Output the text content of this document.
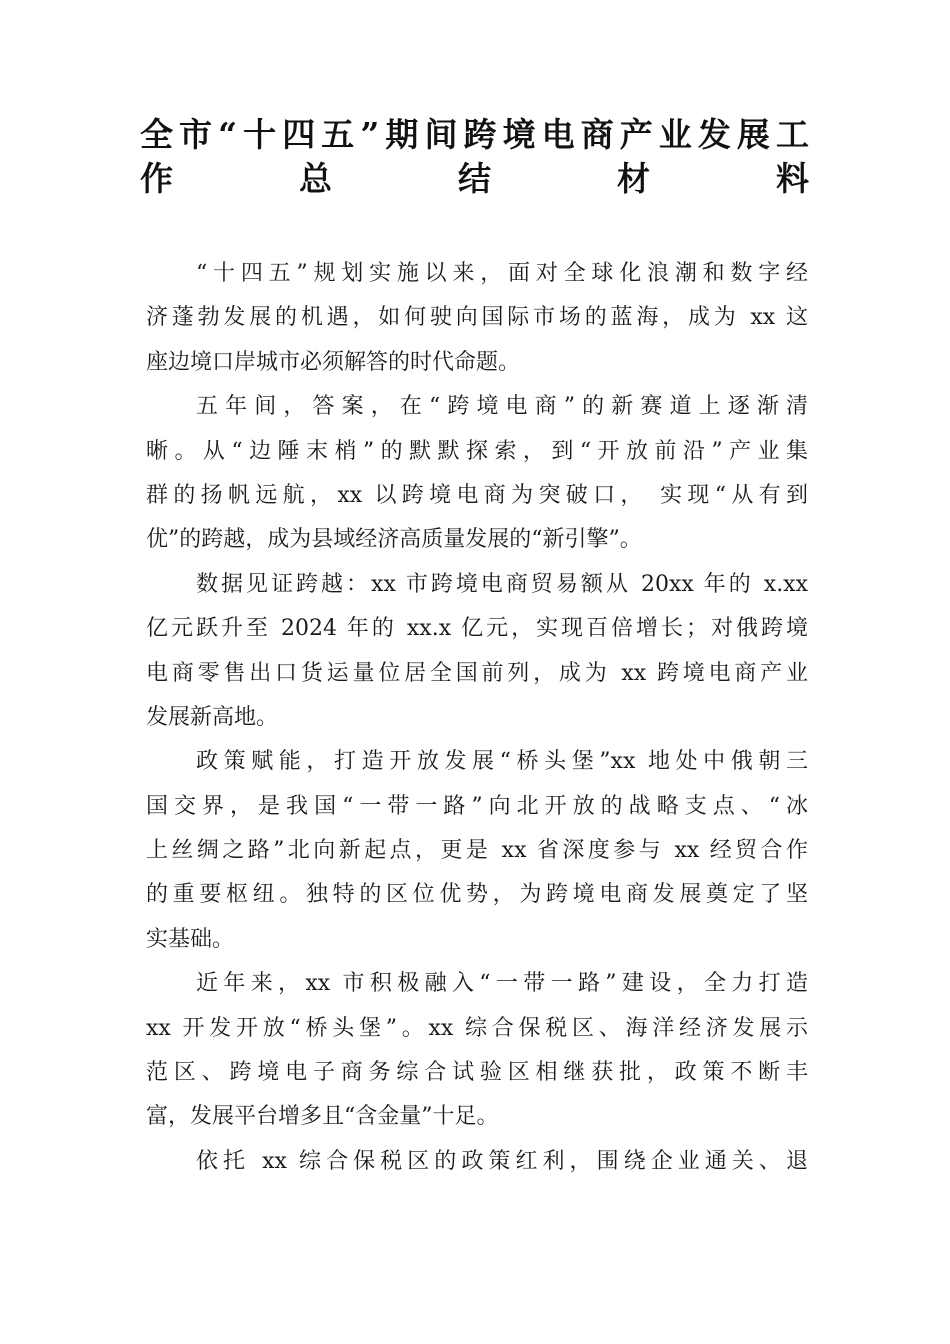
全市“十四五”期间跨境电商产业发展工
作总结材料
“十四五”规划实施以来，面对全球化浪潮和数字经
济蓬勃发展的机遇，如何驶向国际市场的蓝海，成为 xx 这
座边境口岸城市必须解答的时代命题。
五年间，答案，在“跨境电商”的新赛道上逐渐清
晰。从“边陲末梢”的默默探索，到“开放前沿”产业集
群的扬帆远航，xx 以跨境电商为突破口， 实现“从有到
优”的跨越，成为县域经济高质量发展的“新引擎”。
数据见证跨越：xx 市跨境电商贸易额从 20xx 年的 x.xx
亿元跃升至 2024 年的 xx.x 亿元，实现百倍增长；对俄跨境
电商零售出口货运量位居全国前列，成为 xx 跨境电商产业
发展新高地。
政策赋能，打造开放发展“桥头堡”xx 地处中俄朝三
国交界，是我国“一带一路”向北开放的战略支点、“冰
上丝绸之路”北向新起点，更是 xx 省深度参与 xx 经贸合作
的重要枢纽。独特的区位优势，为跨境电商发展奠定了坚
实基础。
近年来，xx 市积极融入“一带一路”建设，全力打造
xx 开发开放“桥头堡”。xx 综合保税区、海洋经济发展示
范区、跨境电子商务综合试验区相继获批，政策不断丰
富，发展平台增多且“含金量”十足。
依托 xx 综合保税区的政策红利，围绕企业通关、退
